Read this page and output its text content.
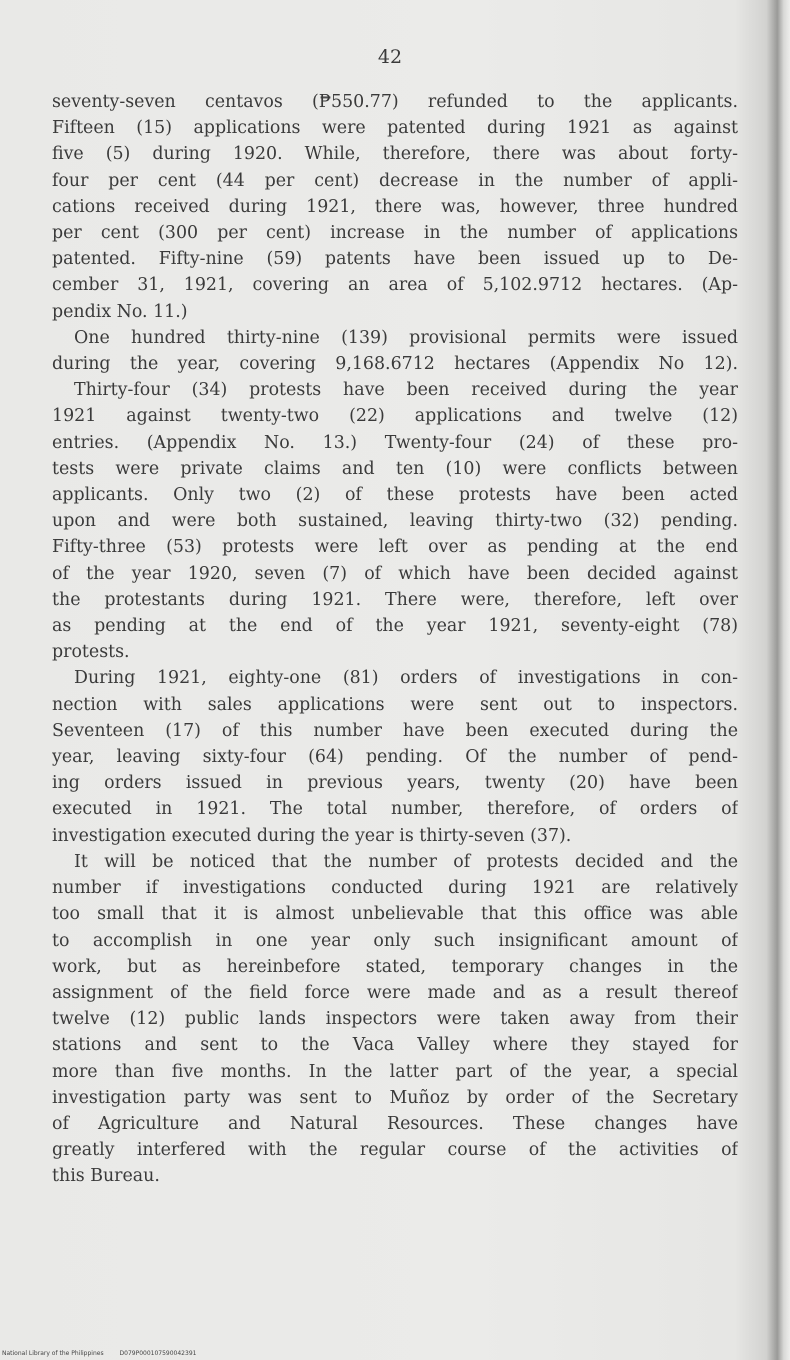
42
seventy-seven centavos (₱550.77) refunded to the applicants.
Fifteen (15) applications were patented during 1921 as against
five (5) during 1920. While, therefore, there was about forty-
four per cent (44 per cent) decrease in the number of appli-
cations received during 1921, there was, however, three hundred
per cent (300 per cent) increase in the number of applications
patented. Fifty-nine (59) patents have been issued up to De-
cember 31, 1921, covering an area of 5,102.9712 hectares. (Ap-
pendix No. 11.)
One hundred thirty-nine (139) provisional permits were issued
during the year, covering 9,168.6712 hectares (Appendix No 12).
Thirty-four (34) protests have been received during the year
1921 against twenty-two (22) applications and twelve (12)
entries. (Appendix No. 13.) Twenty-four (24) of these pro-
tests were private claims and ten (10) were conflicts between
applicants. Only two (2) of these protests have been acted
upon and were both sustained, leaving thirty-two (32) pending.
Fifty-three (53) protests were left over as pending at the end
of the year 1920, seven (7) of which have been decided against
the protestants during 1921. There were, therefore, left over
as pending at the end of the year 1921, seventy-eight (78)
protests.
During 1921, eighty-one (81) orders of investigations in con-
nection with sales applications were sent out to inspectors.
Seventeen (17) of this number have been executed during the
year, leaving sixty-four (64) pending. Of the number of pend-
ing orders issued in previous years, twenty (20) have been
executed in 1921. The total number, therefore, of orders of
investigation executed during the year is thirty-seven (37).
It will be noticed that the number of protests decided and the
number if investigations conducted during 1921 are relatively
too small that it is almost unbelievable that this office was able
to accomplish in one year only such insignificant amount of
work, but as hereinbefore stated, temporary changes in the
assignment of the field force were made and as a result thereof
twelve (12) public lands inspectors were taken away from their
stations and sent to the Vaca Valley where they stayed for
more than five months. In the latter part of the year, a special
investigation party was sent to Muñoz by order of the Secretary
of Agriculture and Natural Resources. These changes have
greatly interfered with the regular course of the activities of
this Bureau.
National Library of the Philippines	D079P000107590042391
